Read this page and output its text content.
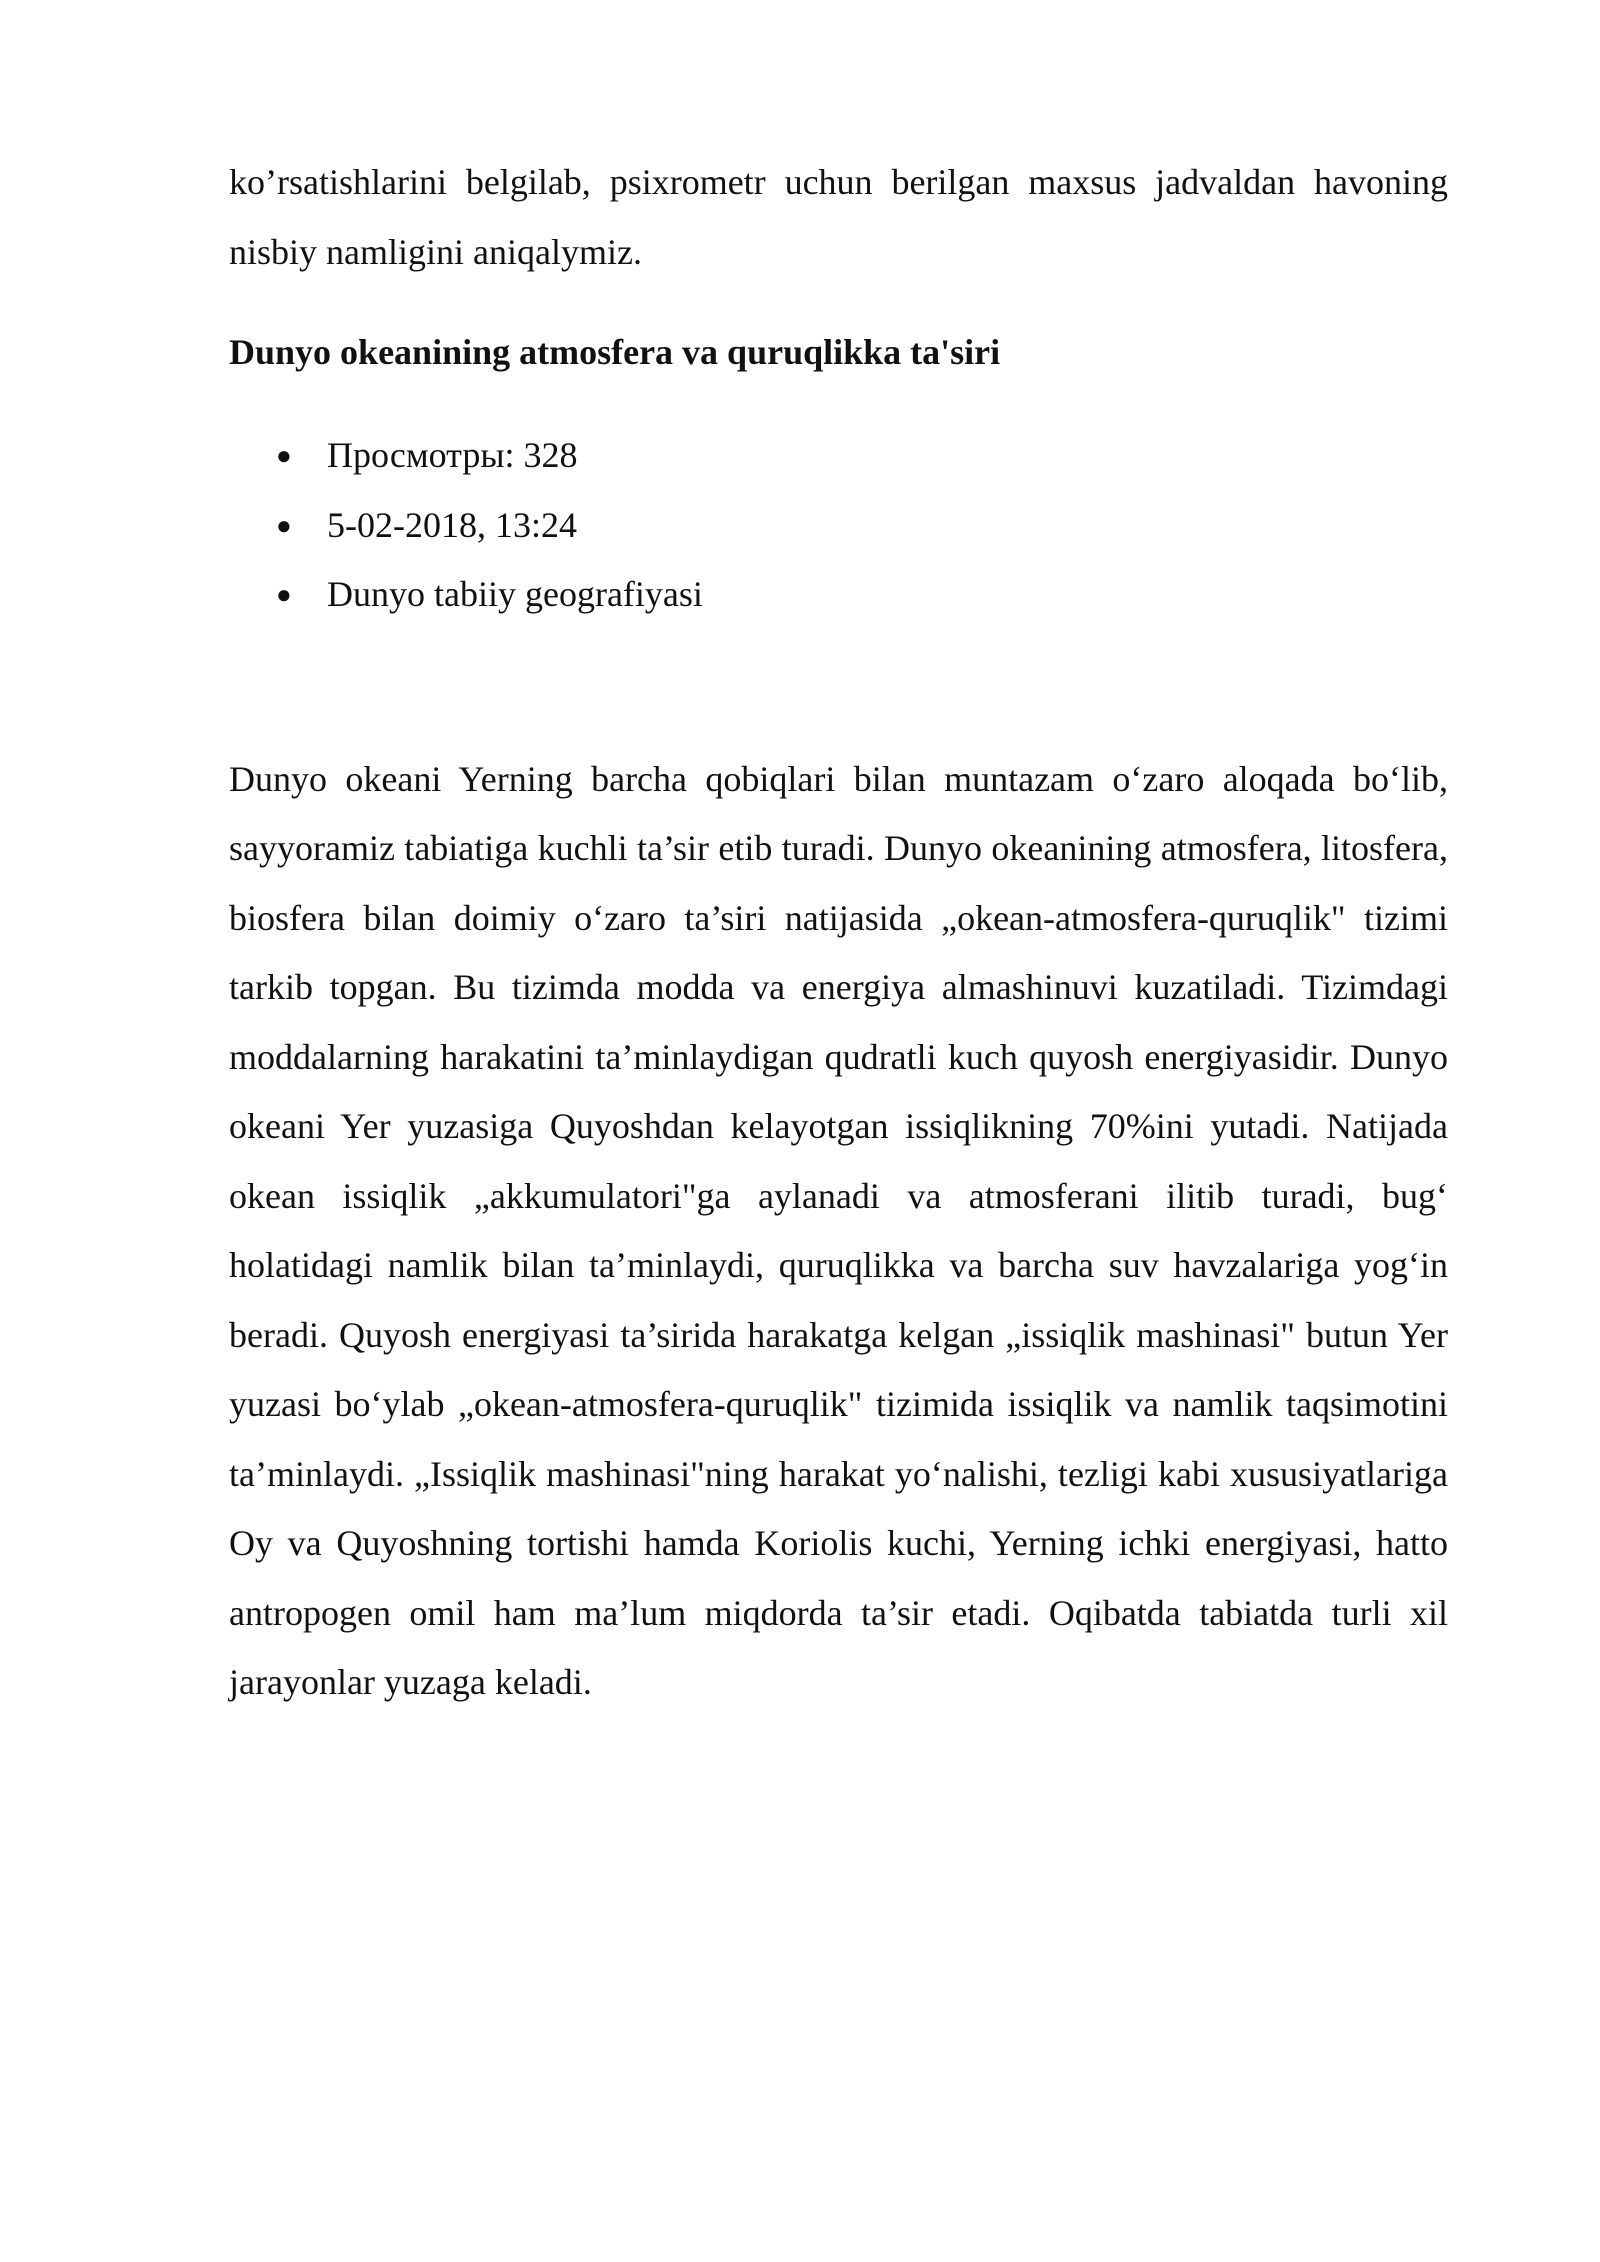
ko’rsatishlarini belgilab, psixrometr uchun berilgan maxsus jadvaldan havoning nisbiy namligini aniqalymiz.

Dunyo okeanining atmosfera va quruqlikka ta'siri
● Просмотры: 328
● 5-02-2018, 13:24
● Dunyo tabiiy geografiyasi

Dunyo okeani Yerning barcha qobiqlari bilan muntazam o‘zaro aloqada bo‘lib, sayyoramiz tabiatiga kuchli ta’sir etib turadi. Dunyo okeanining atmosfera, litosfera, biosfera bilan doimiy o‘zaro ta’siri natijasida „okean-atmosfera-quruqlik" tizimi tarkib topgan. Bu tizimda modda va energiya almashinuvi kuzatiladi. Tizimdagi moddalarning harakatini ta’minlaydigan qudratli kuch quyosh energiyasidir. Dunyo okeani Yer yuzasiga Quyoshdan kelayotgan issiqlikning 70%ini yutadi. Natijada okean issiqlik „akkumulatori"ga aylanadi va atmosferani ilitib turadi, bug‘ holatidagi namlik bilan ta’minlaydi, quruqlikka va barcha suv havzalariga yog‘in beradi. Quyosh energiyasi ta’sirida harakatga kelgan „issiqlik mashinasi" butun Yer yuzasi bo‘ylab „okean-atmosfera-quruqlik" tizimida issiqlik va namlik taqsimotini ta’minlaydi. „Issiqlik mashinasi"ning harakat yo‘nalishi, tezligi kabi xususiyatlariga Oy va Quyoshning tortishi hamda Koriolis kuchi, Yerning ichki energiyasi, hatto antropogen omil ham ma’lum miqdorda ta’sir etadi. Oqibatda tabiatda turli xil jarayonlar yuzaga keladi.
